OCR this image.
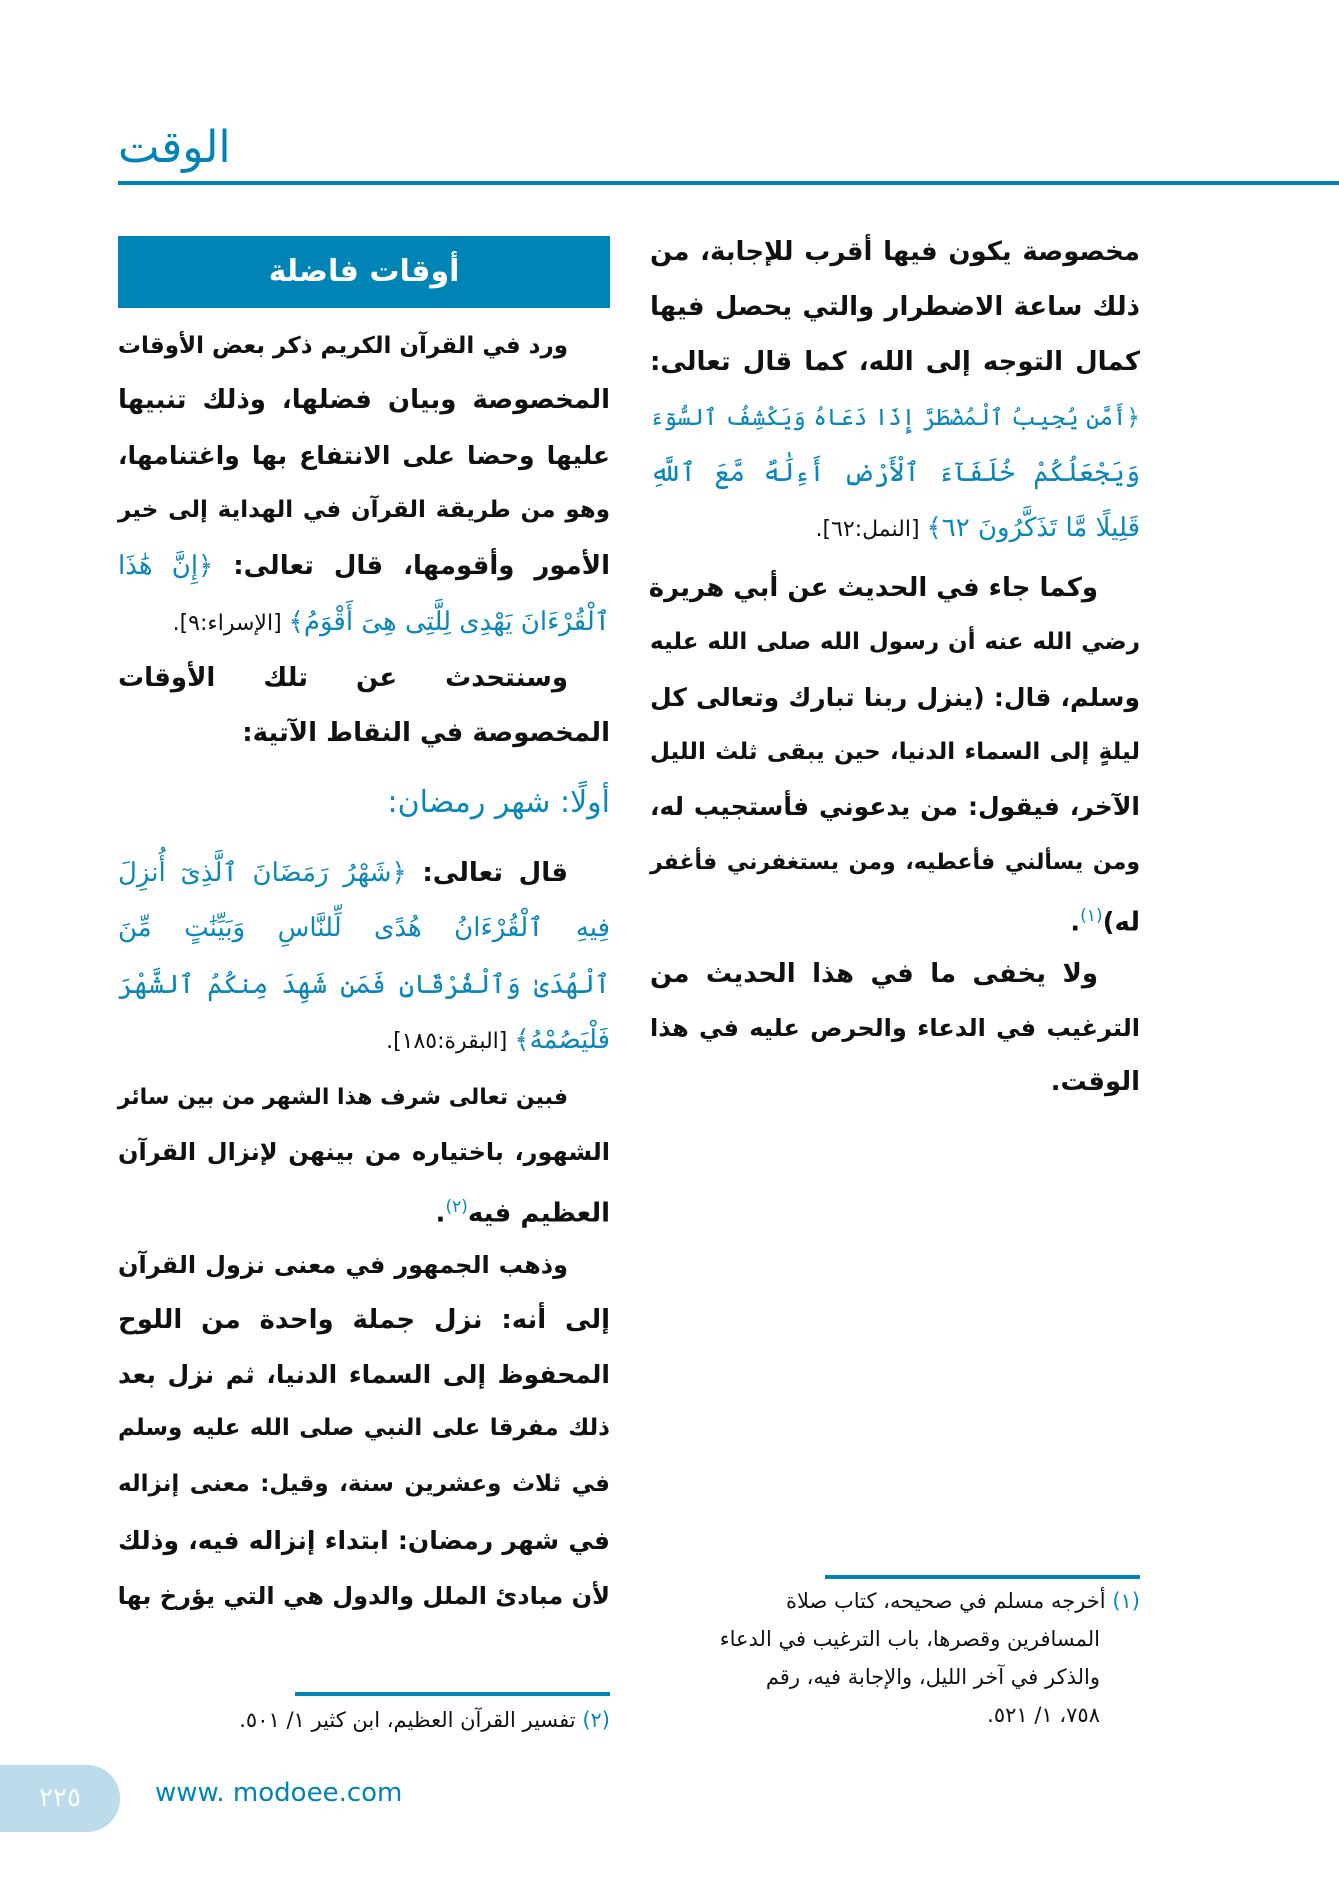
الوقت
أوقات فاضلة
مخصوصة يكون فيها أقرب للإجابة، من
ذلك ساعة الاضطرار والتي يحصل فيها
كمال التوجه إلى الله، كما قال تعالى:
﴿أَمَّن يُجِيبُ ٱلْمُضْطَرَّ إِذَا دَعَاهُ وَيَكْشِفُ ٱلسُّوٓءَ
وَيَجْعَلُكُمْ خُلَفَآءَ ٱلْأَرْضِ أَءِلَٰهٌ مَّعَ ٱللَّهِ
قَلِيلًا مَّا تَذَكَّرُونَ ٦٢﴾ [النمل:٦٢].
وكما جاء في الحديث عن أبي هريرة
رضي الله عنه أن رسول الله صلى الله عليه
وسلم، قال: (ينزل ربنا تبارك وتعالى كل
ليلةٍ إلى السماء الدنيا، حين يبقى ثلث الليل
الآخر، فيقول: من يدعوني فأستجيب له،
ومن يسألني فأعطيه، ومن يستغفرني فأغفر
له)$^{(١)}$.
ولا يخفى ما في هذا الحديث من
الترغيب في الدعاء والحرص عليه في هذا
الوقت.
ورد في القرآن الكريم ذكر بعض الأوقات
المخصوصة وبيان فضلها، وذلك تنبيها
عليها وحضا على الانتفاع بها واغتنامها،
وهو من طريقة القرآن في الهداية إلى خير
الأمور وأقومها، قال تعالى: ﴿إِنَّ هَٰذَا
ٱلْقُرْءَانَ يَهْدِى لِلَّتِى هِىَ أَقْوَمُ﴾ [الإسراء:٩].
وسنتحدث عن تلك الأوقات
المخصوصة في النقاط الآتية:
أولًا: شهر رمضان:
قال تعالى: ﴿شَهْرُ رَمَضَانَ ٱلَّذِىٓ أُنزِلَ
فِيهِ ٱلْقُرْءَانُ هُدًى لِّلنَّاسِ وَبَيِّنَٰتٍ مِّنَ
ٱلْهُدَىٰ وَٱلْفُرْقَانِ فَمَن شَهِدَ مِنكُمُ ٱلشَّهْرَ
فَلْيَصُمْهُ﴾ [البقرة:١٨٥].
فبين تعالى شرف هذا الشهر من بين سائر
الشهور، باختياره من بينهن لإنزال القرآن
العظيم فيه$^{(٢)}$.
وذهب الجمهور في معنى نزول القرآن
إلى أنه: نزل جملة واحدة من اللوح
المحفوظ إلى السماء الدنيا، ثم نزل بعد
ذلك مفرقا على النبي صلى الله عليه وسلم
في ثلاث وعشرين سنة، وقيل: معنى إنزاله
في شهر رمضان: ابتداء إنزاله فيه، وذلك
لأن مبادئ الملل والدول هي التي يؤرخ بها	(١) أخرجه مسلم في صحيحه، كتاب صلاة
المسافرين وقصرها، باب الترغيب في الدعاء
والذكر في آخر الليل، والإجابة فيه، رقم
٧٥٨، ١/ ٥٢١.
(٢) تفسير القرآن العظيم، ابن كثير ١/ ٥٠١.
٢٢٥	www. modoee.com
